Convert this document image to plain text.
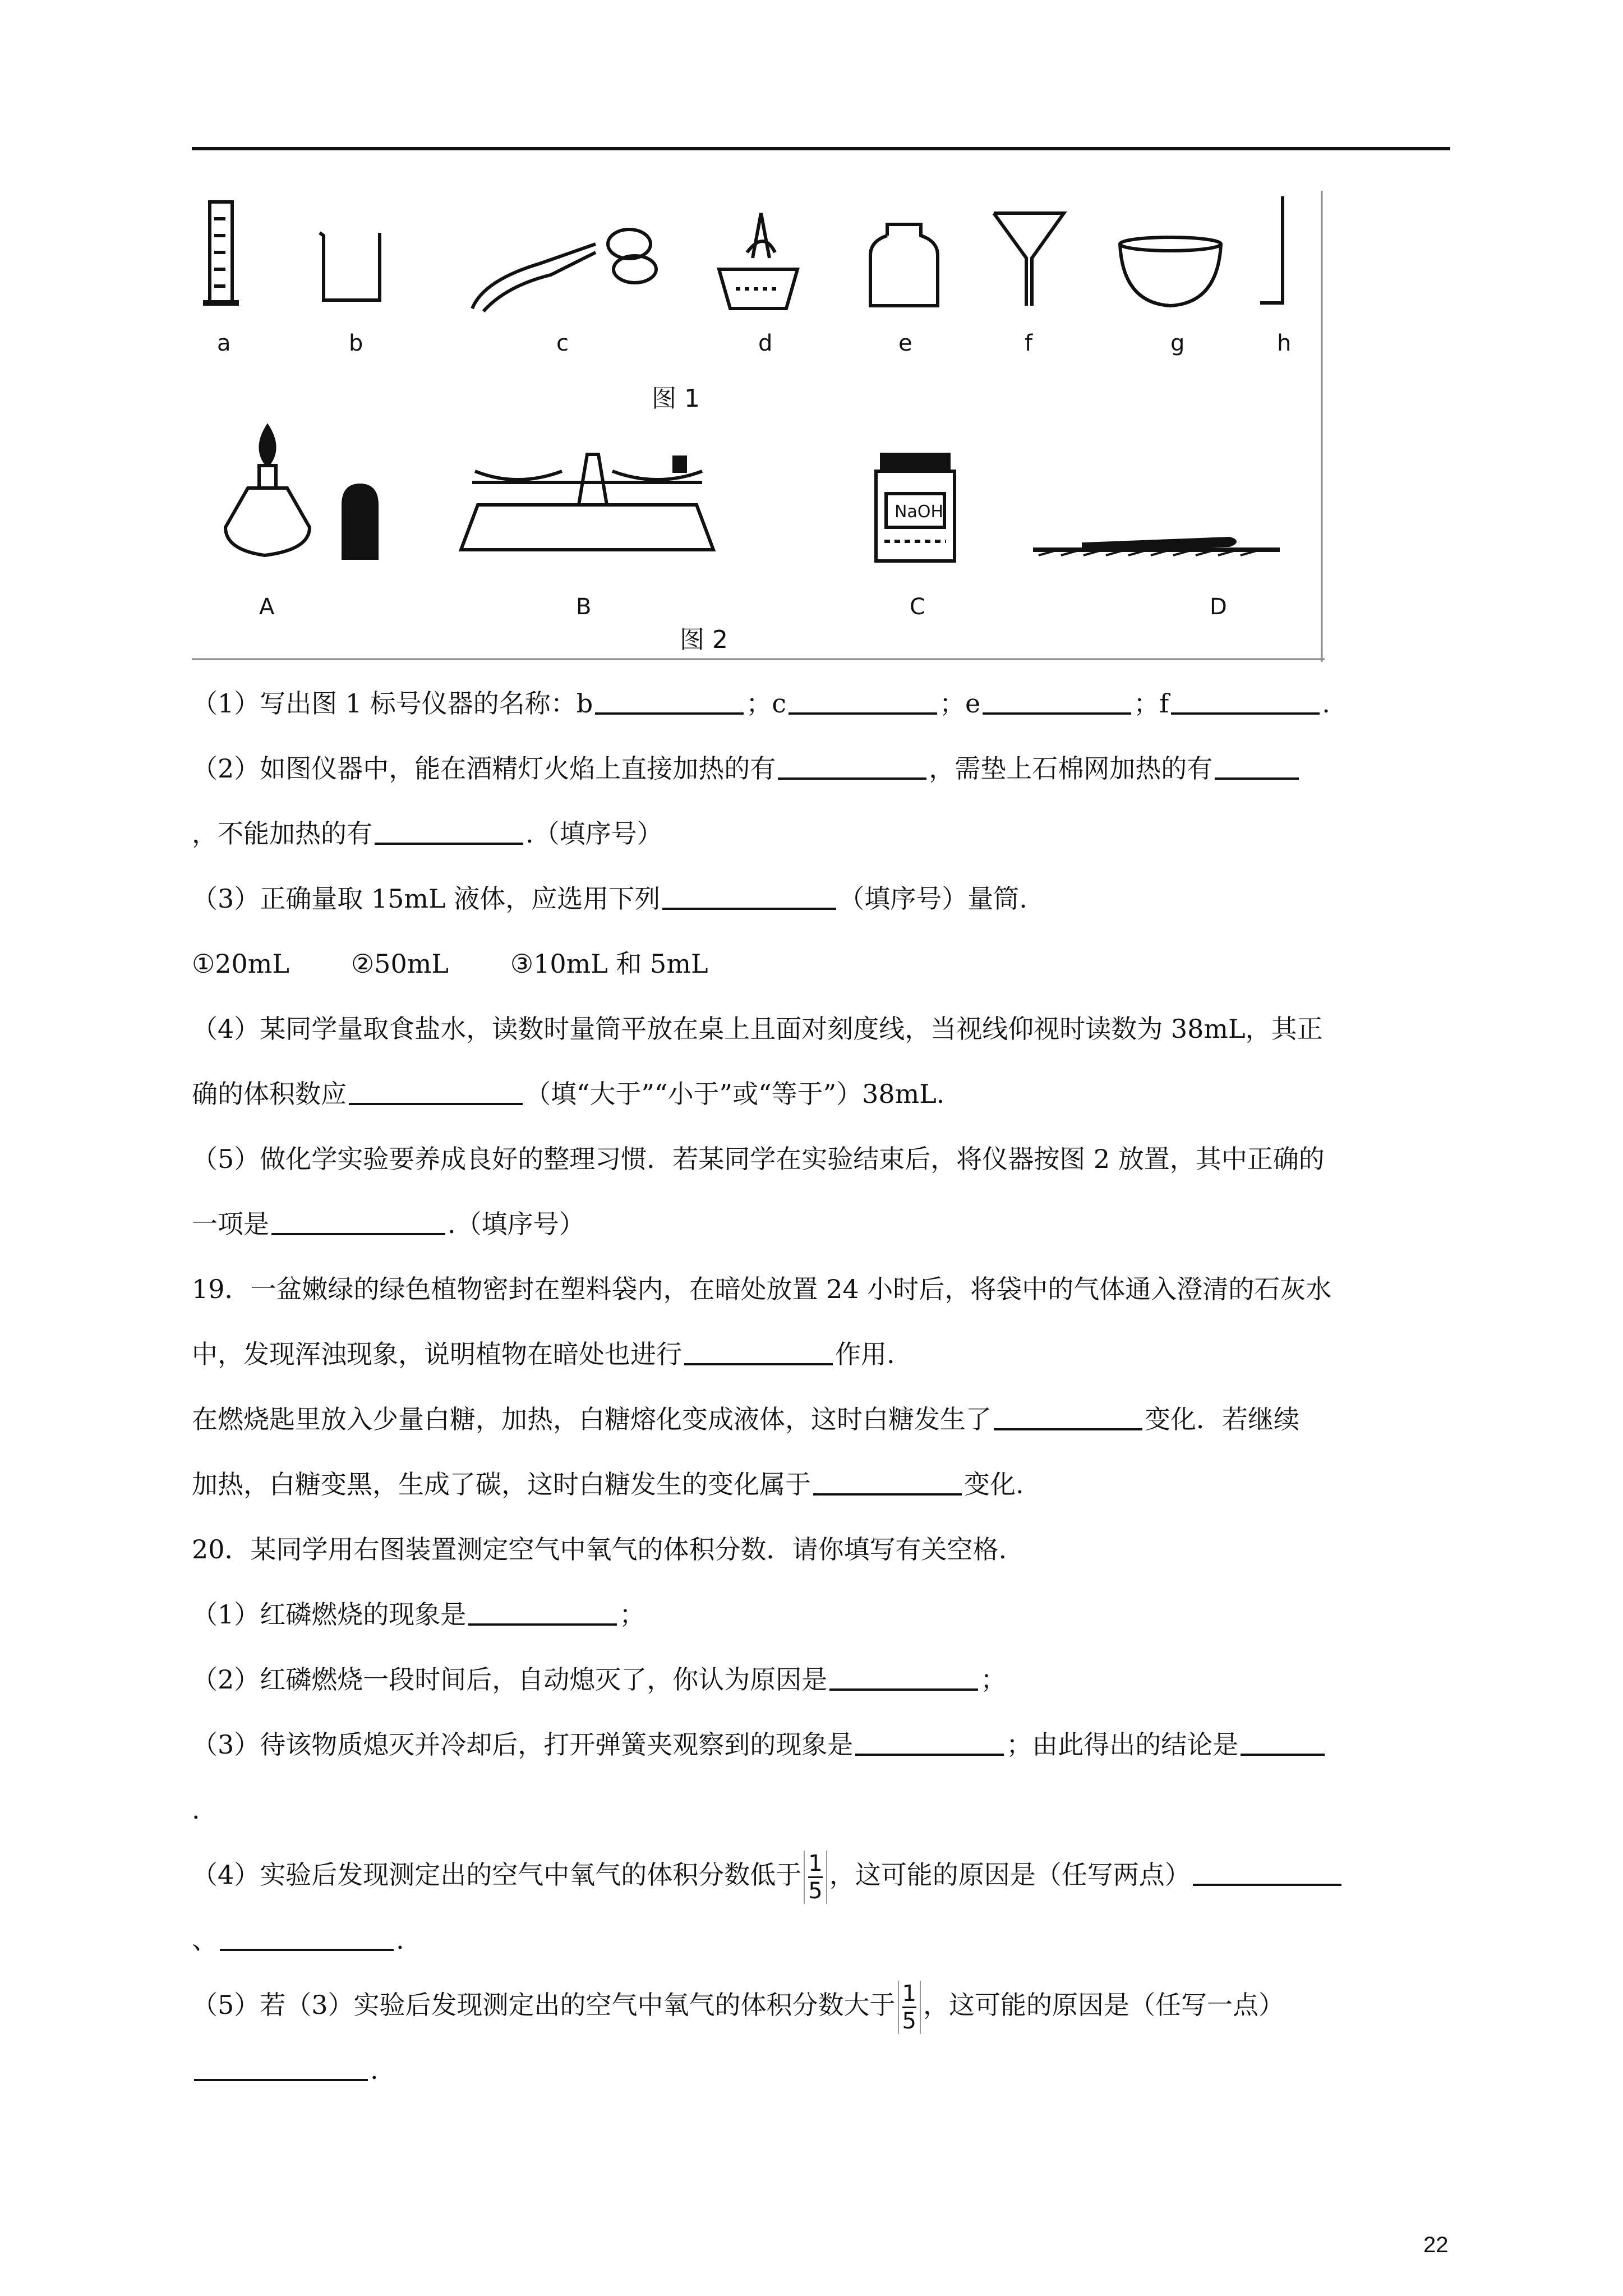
a	b	c	d	e	f	g	h
图 1
NaOH
A	B	C	D
图 2
（1）写出图 1 标号仪器的名称：b	；c	；e	；f	.
（2）如图仪器中，能在酒精灯火焰上直接加热的有	，需垫上石棉网加热的有
，不能加热的有	.（填序号）
（3）正确量取 15mL 液体，应选用下列	（填序号）量筒.
①20mL ②50mL ③10mL 和 5mL
（4）某同学量取食盐水，读数时量筒平放在桌上且面对刻度线，当视线仰视时读数为 38mL，其正
确的体积数应	（填“大于”“小于”或“等于”）38mL.
（5）做化学实验要养成良好的整理习惯．若某同学在实验结束后，将仪器按图 2 放置，其中正确的
一项是	.（填序号）
19．一盆嫩绿的绿色植物密封在塑料袋内，在暗处放置 24 小时后，将袋中的气体通入澄清的石灰水
中，发现浑浊现象，说明植物在暗处也进行	作用.
在燃烧匙里放入少量白糖，加热，白糖熔化变成液体，这时白糖发生了	变化．若继续
加热，白糖变黑，生成了碳，这时白糖发生的变化属于	变化.
20．某同学用右图装置测定空气中氧气的体积分数．请你填写有关空格.
（1）红磷燃烧的现象是	；
（2）红磷燃烧一段时间后，自动熄灭了，你认为原因是	；
（3）待该物质熄灭并冷却后，打开弹簧夹观察到的现象是	；由此得出的结论是
.
（4）实验后发现测定出的空气中氧气的体积分数低于 $\frac{1}{5}$ ，这可能的原因是（任写两点）
、	.
（5）若（3）实验后发现测定出的空气中氧气的体积分数大于 $\frac{1}{5}$ ，这可能的原因是（任写一点）
.
22
